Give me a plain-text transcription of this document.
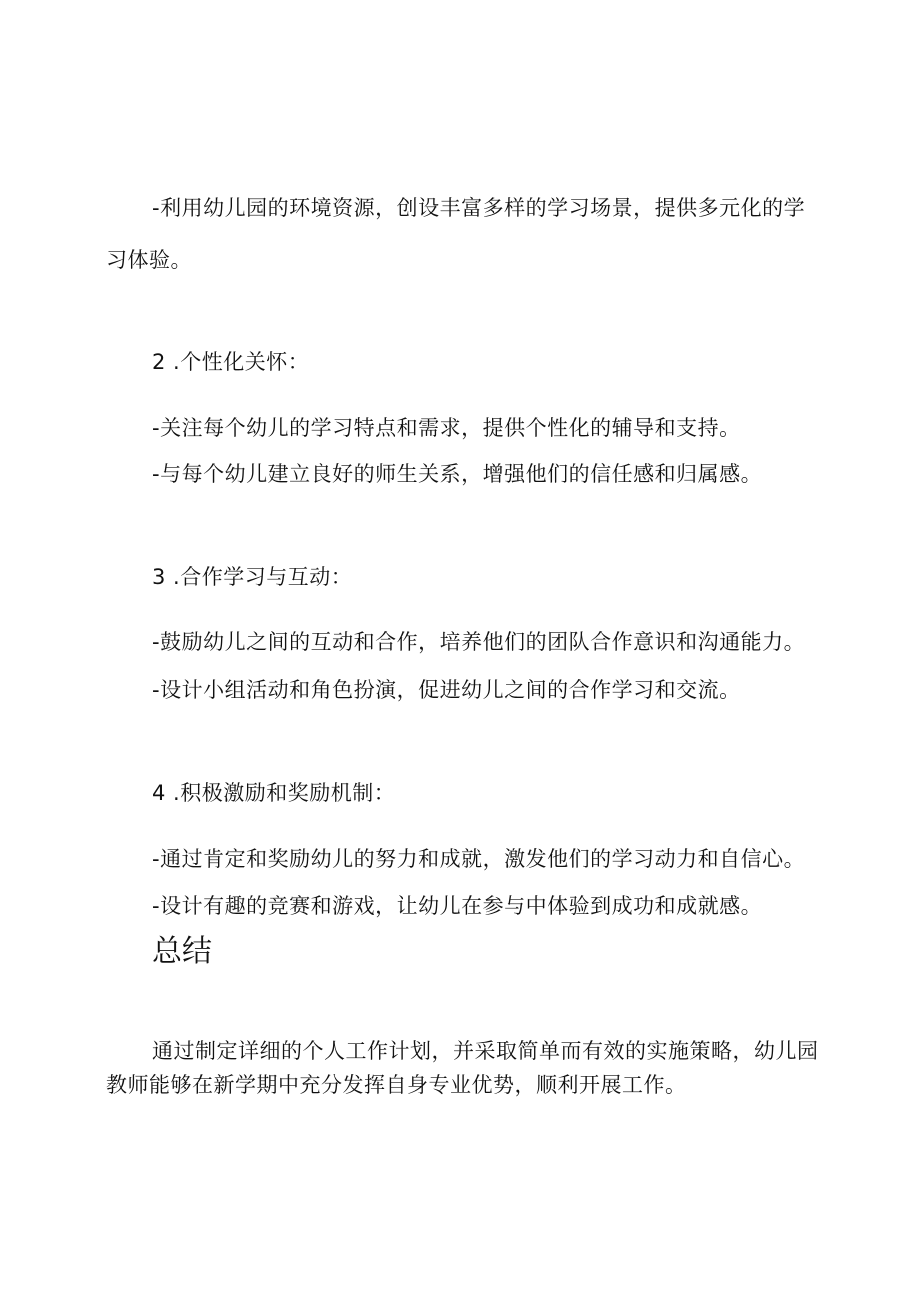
-利用幼儿园的环境资源，创设丰富多样的学习场景，提供多元化的学
习体验。
2 .个性化关怀：
-关注每个幼儿的学习特点和需求，提供个性化的辅导和支持。
-与每个幼儿建立良好的师生关系，增强他们的信任感和归属感。
3 .合作学习与互动：
-鼓励幼儿之间的互动和合作，培养他们的团队合作意识和沟通能力。
-设计小组活动和角色扮演，促进幼儿之间的合作学习和交流。
4 .积极激励和奖励机制：
-通过肯定和奖励幼儿的努力和成就，激发他们的学习动力和自信心。
-设计有趣的竞赛和游戏，让幼儿在参与中体验到成功和成就感。
总结
通过制定详细的个人工作计划，并采取简单而有效的实施策略，幼儿园
教师能够在新学期中充分发挥自身专业优势，顺利开展工作。
